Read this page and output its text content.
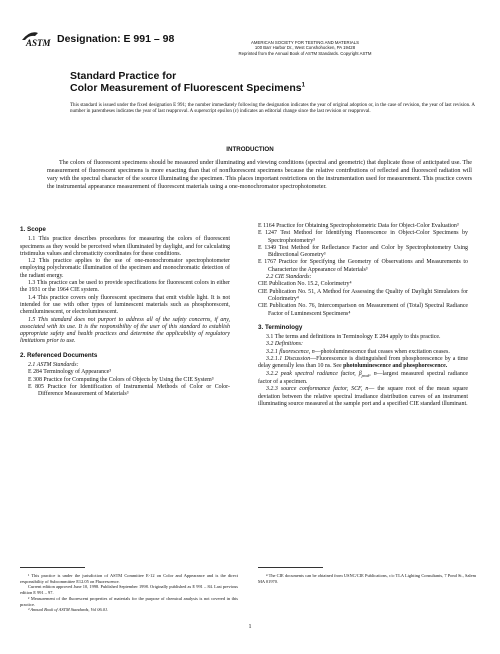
ASTM Designation: E 991 – 98	AMERICAN SOCIETY FOR TESTING AND MATERIALS
100 Barr Harbor Dr., West Conshohocken, PA 19428
Reprinted from the Annual Book of ASTM Standards. Copyright ASTM
Standard Practice for
Color Measurement of Fluorescent Specimens$^1$
This standard is issued under the fixed designation E 991; the number immediately following the designation indicates the year of original adoption or, in the case of revision, the year of last revision. A number in parentheses indicates the year of last reapproval. A superscript epsilon (ε) indicates an editorial change since the last revision or reapproval.
INTRODUCTION
The colors of fluorescent specimens should be measured under illuminating and viewing conditions (spectral and geometric) that duplicate those of anticipated use. The measurement of fluorescent specimens is more exacting than that of nonfluorescent specimens because the relative contributions of reflected and fluoresced radiation will vary with the spectral character of the source illuminating the specimen. This places important restrictions on the instrumentation used for measurement. This practice covers the instrumental appearance measurement of fluorescent materials using a one-monochromator spectrophotometer.

1. Scope

1.1 This practice describes procedures for measuring the colors of fluorescent specimens as they would be perceived when illuminated by daylight, and for calculating tristimulus values and chromaticity coordinates for these conditions.

1.2 This practice applies to the use of one-monochromator spectrophotometer employing polychromatic illumination of the specimen and monochromatic detection of the radiant energy.

1.3 This practice can be used to provide specifications for fluorescent colors in either the 1931 or the 1964 CIE system.

1.4 This practice covers only fluorescent specimens that emit visible light. It is not intended for use with other types of luminescent materials such as phosphorescent, chemiluminescent, or electroluminescent.

1.5 This standard does not purport to address all of the safety concerns, if any, associated with its use. It is the responsibility of the user of this standard to establish appropriate safety and health practices and determine the applicability of regulatory limitations prior to use.

2. Referenced Documents

2.1 ASTM Standards:

E 284 Terminology of Appearance³

E 308 Practice for Computing the Colors of Objects by Using the CIE System³

E 805 Practice for Identification of Instrumental Methods of Color or Color-Difference Measurement of Materials³

E 1164 Practice for Obtaining Spectrophotometric Data for Object-Color Evaluation³

E 1247 Test Method for Identifying Fluorescence in Object-Color Specimens by Spectrophotometry³

E 1349 Test Method for Reflectance Factor and Color by Spectrophotometry Using Bidirectional Geometry³

E 1767 Practice for Specifying the Geometry of Observations and Measurements to Characterize the Appearance of Materials³

2.2 CIE Standards:

CIE Publication No. 15.2, Colorimetry⁴

CIE Publication No. 51, A Method for Assessing the Quality of Daylight Simulators for Colorimetry⁴

CIE Publication No. 76, Intercomparison on Measurement of (Total) Spectral Radiance Factor of Luminescent Specimens⁴

3. Terminology

3.1 The terms and definitions in Terminology E 284 apply to this practice.

3.2 Definitions:

3.2.1 fluorescence, n—photoluminescence that ceases when excitation ceases.

3.2.1.1 Discussion—Fluorescence is distinguished from phosphorescence by a time delay generally less than 10 ns. See photoluminescence and phosphorescence.

3.2.2 peak spectral radiance factor, $\beta_{peak}$, n—largest measured spectral radiance factor of a specimen.

3.2.3 source conformance factor, SCF, n— the square root of the mean square deviation between the relative spectral irradiance distribution curves of an instrument illuminating source measured at the sample port and a specified CIE standard illuminant.

¹ This practice is under the jurisdiction of ASTM Committee E-12 on Color and Appearance and is the direct responsibility of Subcommittee E12.05 on Fluorescence.

Current edition approved June 10, 1998. Published September 1998. Originally published as E 991 – 84. Last previous edition E 991 – 97.

² Measurement of the fluorescent properties of materials for the purpose of chemical analysis is not covered in this practice.

³ Annual Book of ASTM Standards, Vol 06.01.

⁴ The CIE documents can be obtained from USNC/CIE Publications, c/o TLA Lighting Consultants, 7 Pond St., Salem MA 01970.

1
